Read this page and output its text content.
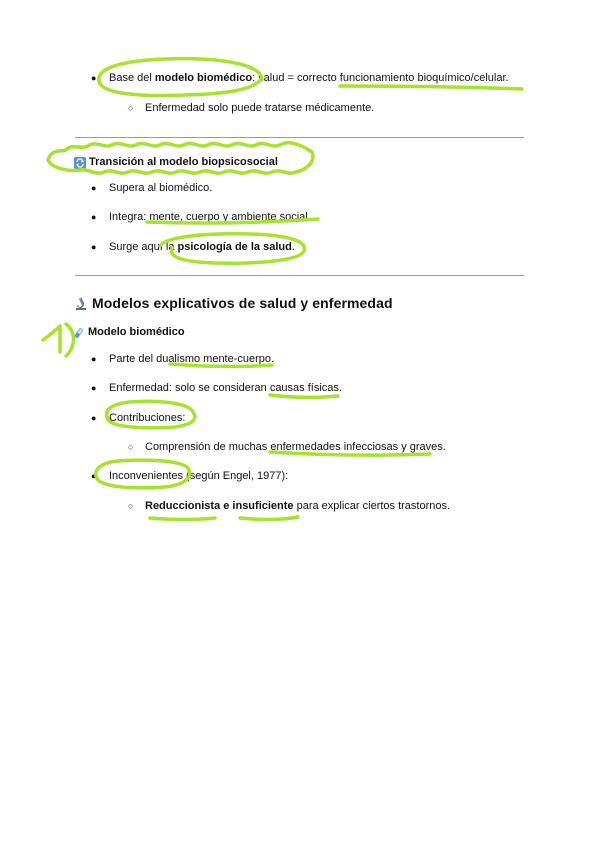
● Base del modelo biomédico: salud = correcto funcionamiento bioquímico/celular.
○ Enfermedad solo puede tratarse médicamente.
Transición al modelo biopsicosocial
● Supera al biomédico.
● Integra: mente, cuerpo y ambiente social.
● Surge aquí la psicología de la salud.
Modelos explicativos de salud y enfermedad
Modelo biomédico
● Parte del dualismo mente-cuerpo.
● Enfermedad: solo se consideran causas físicas.
● Contribuciones:
○ Comprensión de muchas enfermedades infecciosas y graves.
● Inconvenientes (según Engel, 1977):
○ Reduccionista e insuficiente para explicar ciertos trastornos.
